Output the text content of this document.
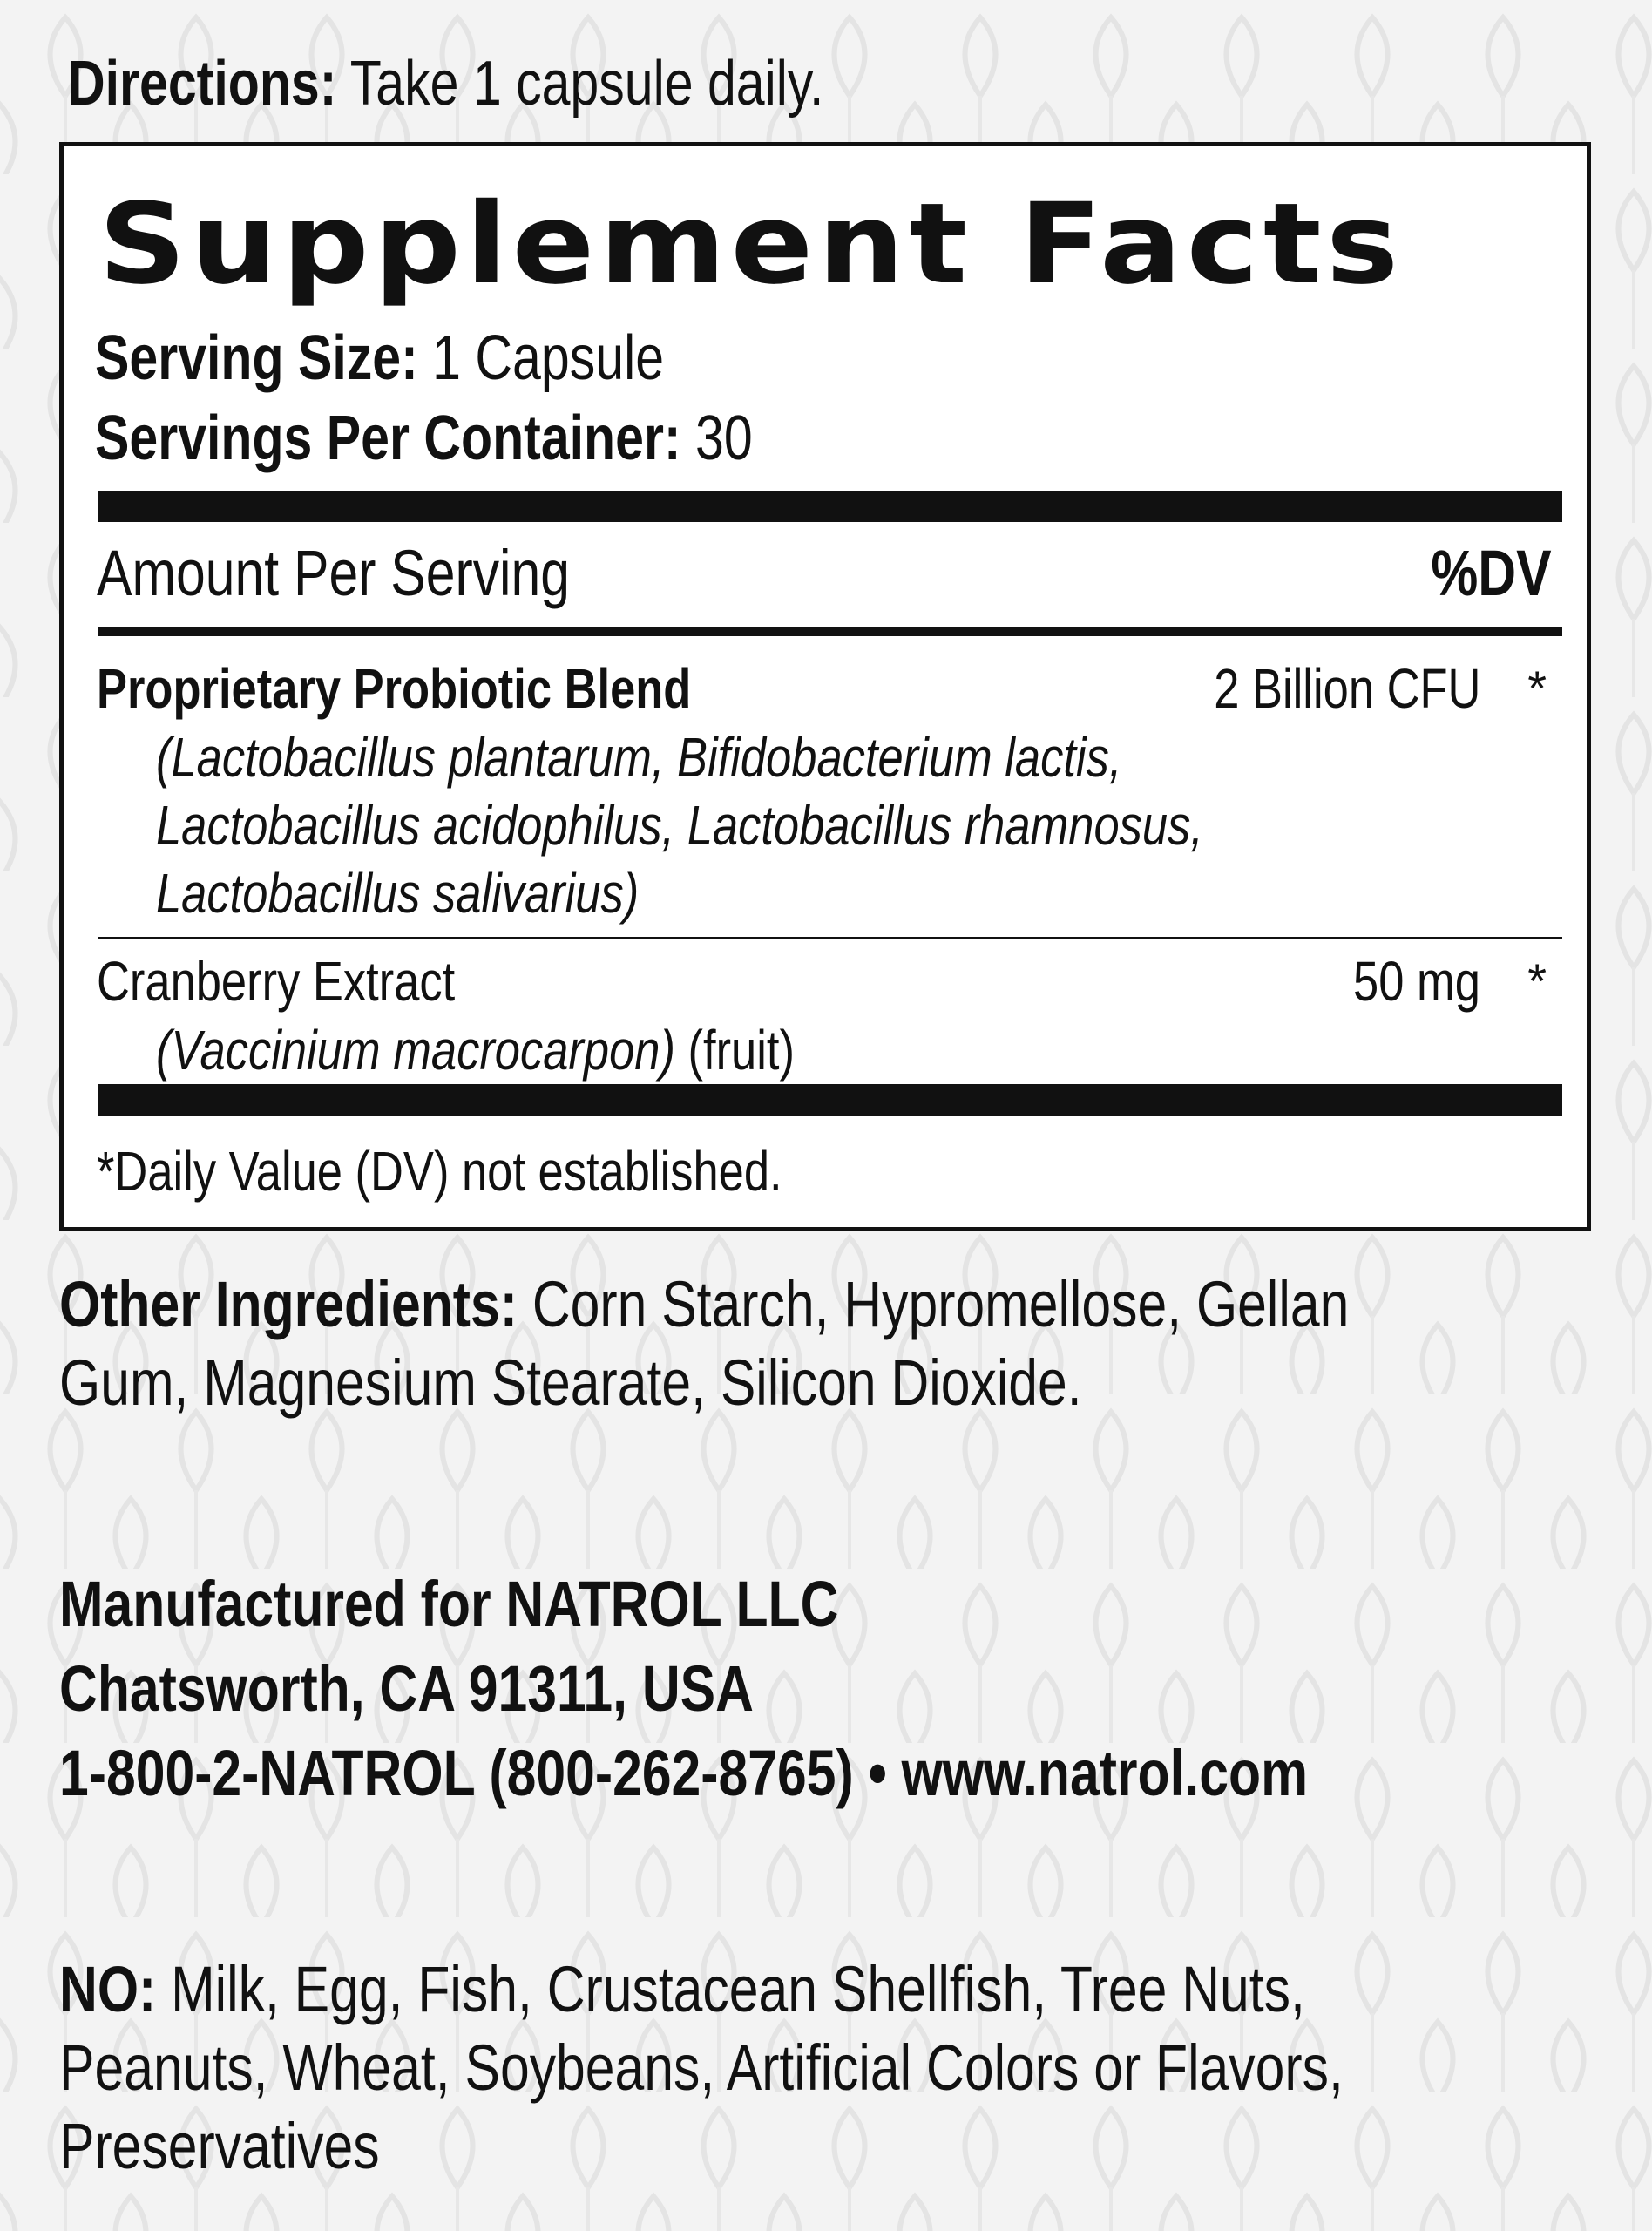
Directions: Take 1 capsule daily.
Supplement Facts
Serving Size: 1 Capsule
Servings Per Container: 30
Amount Per Serving	%DV
Proprietary Probiotic Blend	2 Billion CFU *
(Lactobacillus plantarum, Bifidobacterium lactis,
Lactobacillus acidophilus, Lactobacillus rhamnosus,
Lactobacillus salivarius)
Cranberry Extract	50 mg *
(Vaccinium macrocarpon) (fruit)
*Daily Value (DV) not established.
Other Ingredients: Corn Starch, Hypromellose, Gellan
Gum, Magnesium Stearate, Silicon Dioxide.
Manufactured for NATROL LLC
Chatsworth, CA 91311, USA
1-800-2-NATROL (800-262-8765) • www.natrol.com
NO: Milk, Egg, Fish, Crustacean Shellfish, Tree Nuts,
Peanuts, Wheat, Soybeans, Artificial Colors or Flavors,
Preservatives
